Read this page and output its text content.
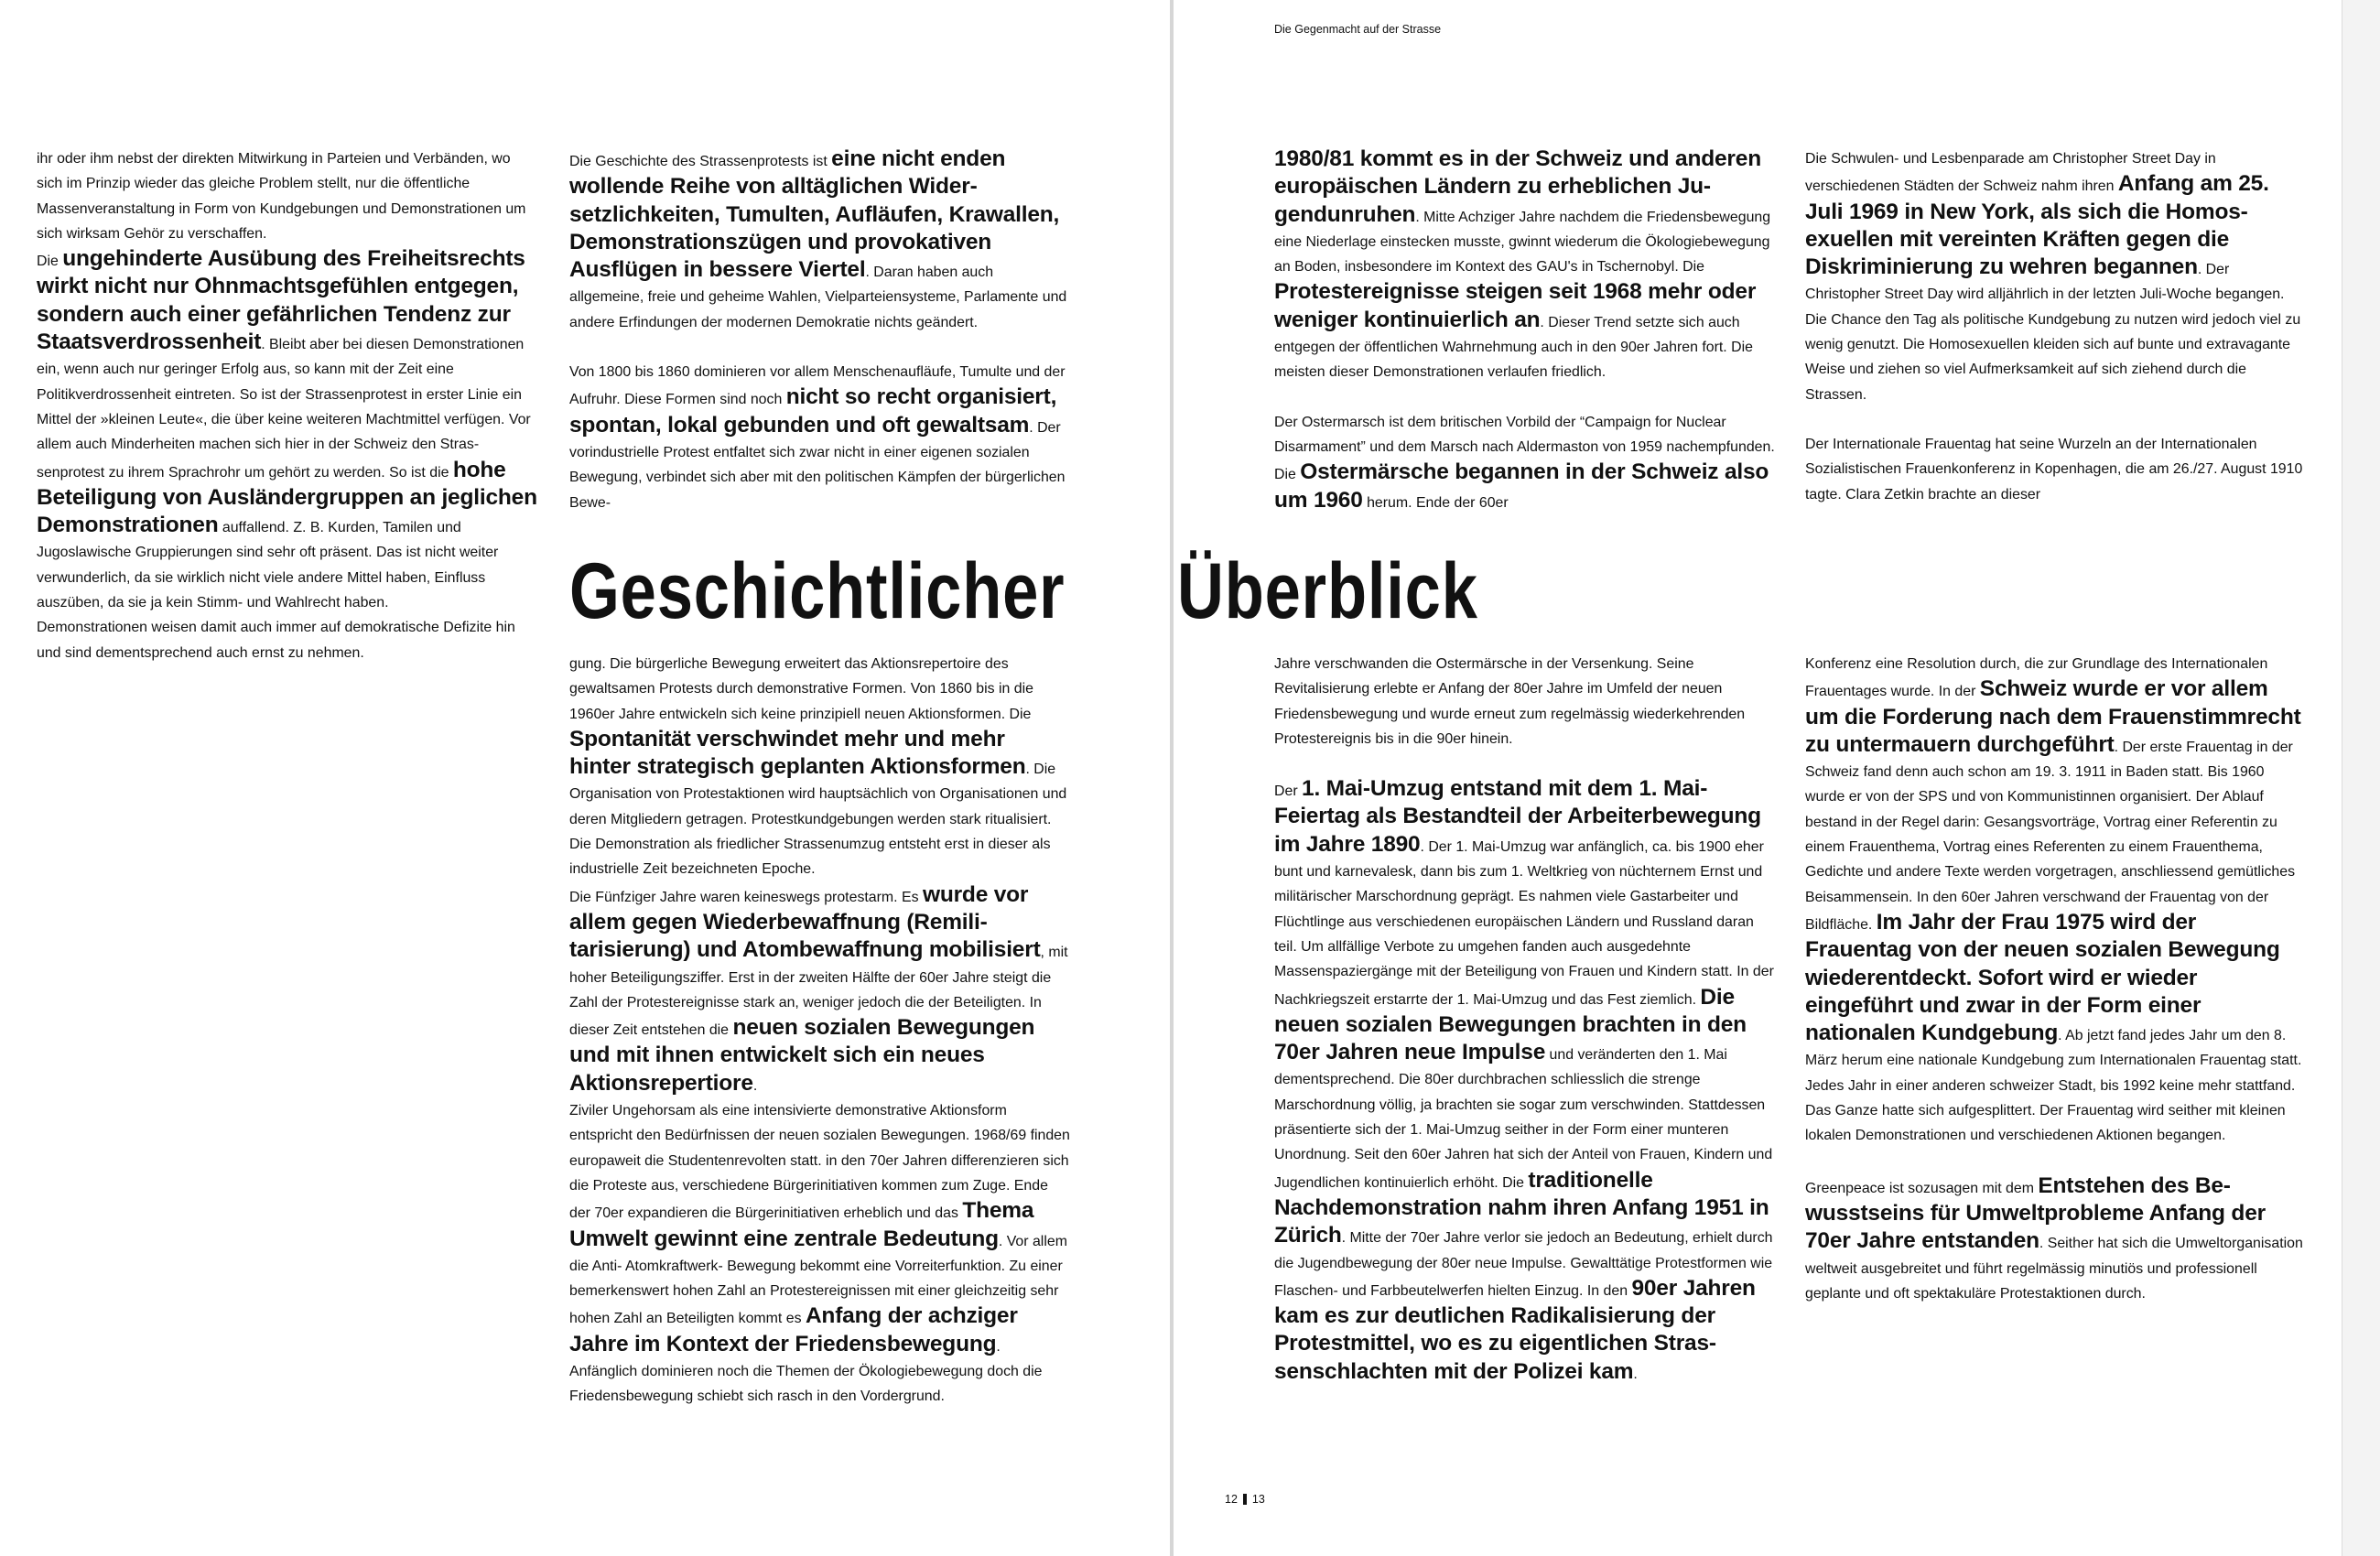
Die Gegenmacht auf der Strasse

ihr oder ihm nebst der direkten Mitwirkung in Parteien und Verbänden, wo sich im Prinzip wieder das gleiche Problem stellt, nur die öffentliche Massenveranstaltung in Form von Kundgebungen und Demonstrationen um sich wirksam Gehör zu verschaffen.

Die ungehinderte Ausübung des Freiheitsrechts wirkt nicht nur Ohnmachtsgefühlen entgegen, sondern auch einer gefährlichen Tendenz zur Staatsverdrossenheit. Bleibt aber bei diesen Demonstrationen ein, wenn auch nur geringer Erfolg aus, so kann mit der Zeit eine Politikverdrossenheit eintreten. So ist der Strassenprotest in erster Linie ein Mittel der »kleinen Leute«, die über keine weiteren Machtmittel verfügen. Vor allem auch Minderheiten machen sich hier in der Schweiz den Strassenprotest zu ihrem Sprachrohr um gehört zu werden. So ist die hohe Beteiligung von Ausländergruppen an jeglichen Demonstrationen auffallend. Z. B. Kurden, Tamilen und Jugoslawische Gruppierungen sind sehr oft präsent. Das ist nicht weiter verwunderlich, da sie wirklich nicht viele andere Mittel haben, Einfluss auszüben, da sie ja kein Stimm- und Wahlrecht haben.

Demonstrationen weisen damit auch immer auf demokratische Defizite hin und sind dementsprechend auch ernst zu nehmen.

Die Geschichte des Strassenprotests ist eine nicht enden wollende Reihe von alltäglichen Widersetzlichkeiten, Tumulten, Aufläufen, Krawallen, Demonstrationszügen und provokativen Ausflügen in bessere Viertel. Daran haben auch allgemeine, freie und geheime Wahlen, Vielparteiensysteme, Parlamente und andere Erfindungen der modernen Demokratie nichts geändert.

Von 1800 bis 1860 dominieren vor allem Menschenaufläufe, Tumulte und der Aufruhr. Diese Formen sind noch nicht so recht organisiert, spontan, lokal gebunden und oft gewaltsam. Der vorindustrielle Protest entfaltet sich zwar nicht in einer eigenen sozialen Bewegung, verbindet sich aber mit den politischen Kämpfen der bürgerlichen Bewe-

Geschichtlicher Überblick

gung. Die bürgerliche Bewegung erweitert das Aktionsrepertoire des gewaltsamen Protests durch demonstrative Formen. Von 1860 bis in die 1960er Jahre entwickeln sich keine prinzipiell neuen Aktionsformen. Die Spontanität verschwindet mehr und mehr hinter strategisch geplanten Aktionsformen. Die Organisation von Protestaktionen wird hauptsächlich von Organisationen und deren Mitgliedern getragen. Protestkundgebungen werden stark ritualisiert. Die Demonstration als friedlicher Strassenumzug entsteht erst in dieser als industrielle Zeit bezeichneten Epoche.

Die Fünfziger Jahre waren keineswegs protestarm. Es wurde vor allem gegen Wiederbewaffnung (Remilitarisierung) und Atombewaffnung mobilisiert, mit hoher Beteiligungsziffer. Erst in der zweiten Hälfte der 60er Jahre steigt die Zahl der Protestereignisse stark an, weniger jedoch die der Beteiligten. In dieser Zeit entstehen die neuen sozialen Bewegungen und mit ihnen entwickelt sich ein neues Aktionsrepertiore.

Ziviler Ungehorsam als eine intensivierte demonstrative Aktionsform entspricht den Bedürfnissen der neuen sozialen Bewegungen. 1968/69 finden europaweit die Studentenrevolten statt. in den 70er Jahren differenzieren sich die Proteste aus, verschiedene Bürgerinitiativen kommen zum Zuge. Ende der 70er expandieren die Bürgerinitiativen erheblich und das Thema Umwelt gewinnt eine zentrale Bedeutung. Vor allem die Anti- Atomkraftwerk- Bewegung bekommt eine Vorreiterfunktion. Zu einer bemerkenswert hohen Zahl an Protestereignissen mit einer gleichzeitig sehr hohen Zahl an Beteiligten kommt es Anfang der achziger Jahre im Kontext der Friedensbewegung. Anfänglich dominieren noch die Themen der Ökologiebewegung doch die Friedensbewegung schiebt sich rasch in den Vordergrund.

1980/81 kommt es in der Schweiz und anderen europäischen Ländern zu erheblichen Jugendunruhen. Mitte Achziger Jahre nachdem die Friedensbewegung eine Niederlage einstecken musste, gwinnt wiederum die Ökologiebewegung an Boden, insbesondere im Kontext des GAU's in Tschernobyl. Die Protestereignisse steigen seit 1968 mehr oder weniger kontinuierlich an. Dieser Trend setzte sich auch entgegen der öffentlichen Wahrnehmung auch in den 90er Jahren fort. Die meisten dieser Demonstrationen verlaufen friedlich.

Der Ostermarsch ist dem britischen Vorbild der “Campaign for Nuclear Disarmament” und dem Marsch nach Aldermaston von 1959 nachempfunden. Die Ostermärsche begannen in der Schweiz also um 1960 herum. Ende der 60er

Jahre verschwanden die Ostermärsche in der Versenkung. Seine Revitalisierung erlebte er Anfang der 80er Jahre im Umfeld der neuen Friedensbewegung und wurde erneut zum regelmässig wiederkehrenden Protestereignis bis in die 90er hinein.

Der 1. Mai-Umzug entstand mit dem 1. Mai-Feiertag als Bestandteil der Arbeiterbewegung im Jahre 1890. Der 1. Mai-Umzug war anfänglich, ca. bis 1900 eher bunt und karnevalesk, dann bis zum 1. Weltkrieg von nüchternem Ernst und militärischer Marschordnung geprägt. Es nahmen viele Gastarbeiter und Flüchtlinge aus verschiedenen europäischen Ländern und Russland daran teil. Um allfällige Verbote zu umgehen fanden auch ausgedehnte Massenspaziergänge mit der Beteiligung von Frauen und Kindern statt. In der Nachkriegszeit erstarrte der 1. Mai-Umzug und das Fest ziemlich. Die neuen sozialen Bewegungen brachten in den 70er Jahren neue Impulse und veränderten den 1. Mai dementsprechend. Die 80er durchbrachen schliesslich die strenge Marschordnung völlig, ja brachten sie sogar zum verschwinden. Stattdessen präsentierte sich der 1. Mai-Umzug seither in der Form einer munteren Unordnung. Seit den 60er Jahren hat sich der Anteil von Frauen, Kindern und Jugendlichen kontinuierlich erhöht. Die traditionelle Nachdemonstration nahm ihren Anfang 1951 in Zürich. Mitte der 70er Jahre verlor sie jedoch an Bedeutung, erhielt durch die Jugendbewegung der 80er neue Impulse. Gewalttätige Protestformen wie Flaschen- und Farbbeutelwerfen hielten Einzug. In den 90er Jahren kam es zur deutlichen Radikalisierung der Protestmittel, wo es zu eigentlichen Strassenschlachten mit der Polizei kam.

Die Schwulen- und Lesbenparade am Christopher Street Day in verschiedenen Städten der Schweiz nahm ihren Anfang am 25. Juli 1969 in New York, als sich die Homosexuellen mit vereinten Kräften gegen die Diskriminierung zu wehren begannen. Der Christopher Street Day wird alljährlich in der letzten Juli-Woche begangen. Die Chance den Tag als politische Kundgebung zu nutzen wird jedoch viel zu wenig genutzt. Die Homosexuellen kleiden sich auf bunte und extravagante Weise und ziehen so viel Aufmerksamkeit auf sich ziehend durch die Strassen.

Der Internationale Frauentag hat seine Wurzeln an der Internationalen Sozialistischen Frauenkonferenz in Kopenhagen, die am 26./27. August 1910 tagte. Clara Zetkin brachte an dieser

Konferenz eine Resolution durch, die zur Grundlage des Internationalen Frauentages wurde. In der Schweiz wurde er vor allem um die Forderung nach dem Frauenstimmrecht zu untermauern durchgeführt. Der erste Frauentag in der Schweiz fand denn auch schon am 19. 3. 1911 in Baden statt. Bis 1960 wurde er von der SPS und von Kommunistinnen organisiert. Der Ablauf bestand in der Regel darin: Gesangsvorträge, Vortrag einer Referentin zu einem Frauenthema, Vortrag eines Referenten zu einem Frauenthema, Gedichte und andere Texte werden vorgetragen, anschliessend gemütliches Beisammensein. In den 60er Jahren verschwand der Frauentag von der Bildfläche. Im Jahr der Frau 1975 wird der Frauentag von der neuen sozialen Bewegung wiederentdeckt. Sofort wird er wieder eingeführt und zwar in der Form einer nationalen Kundgebung. Ab jetzt fand jedes Jahr um den 8. März herum eine nationale Kundgebung zum Internationalen Frauentag statt. Jedes Jahr in einer anderen schweizer Stadt, bis 1992 keine mehr stattfand. Das Ganze hatte sich aufgesplittert. Der Frauentag wird seither mit kleinen lokalen Demonstrationen und verschiedenen Aktionen begangen.

Greenpeace ist sozusagen mit dem Entstehen des Bewusstseins für Umweltprobleme Anfang der 70er Jahre entstanden. Seither hat sich die Umweltorganisation weltweit ausgebreitet und führt regelmässig minutiös und professionell geplante und oft spektakuläre Protestaktionen durch.

12 13
